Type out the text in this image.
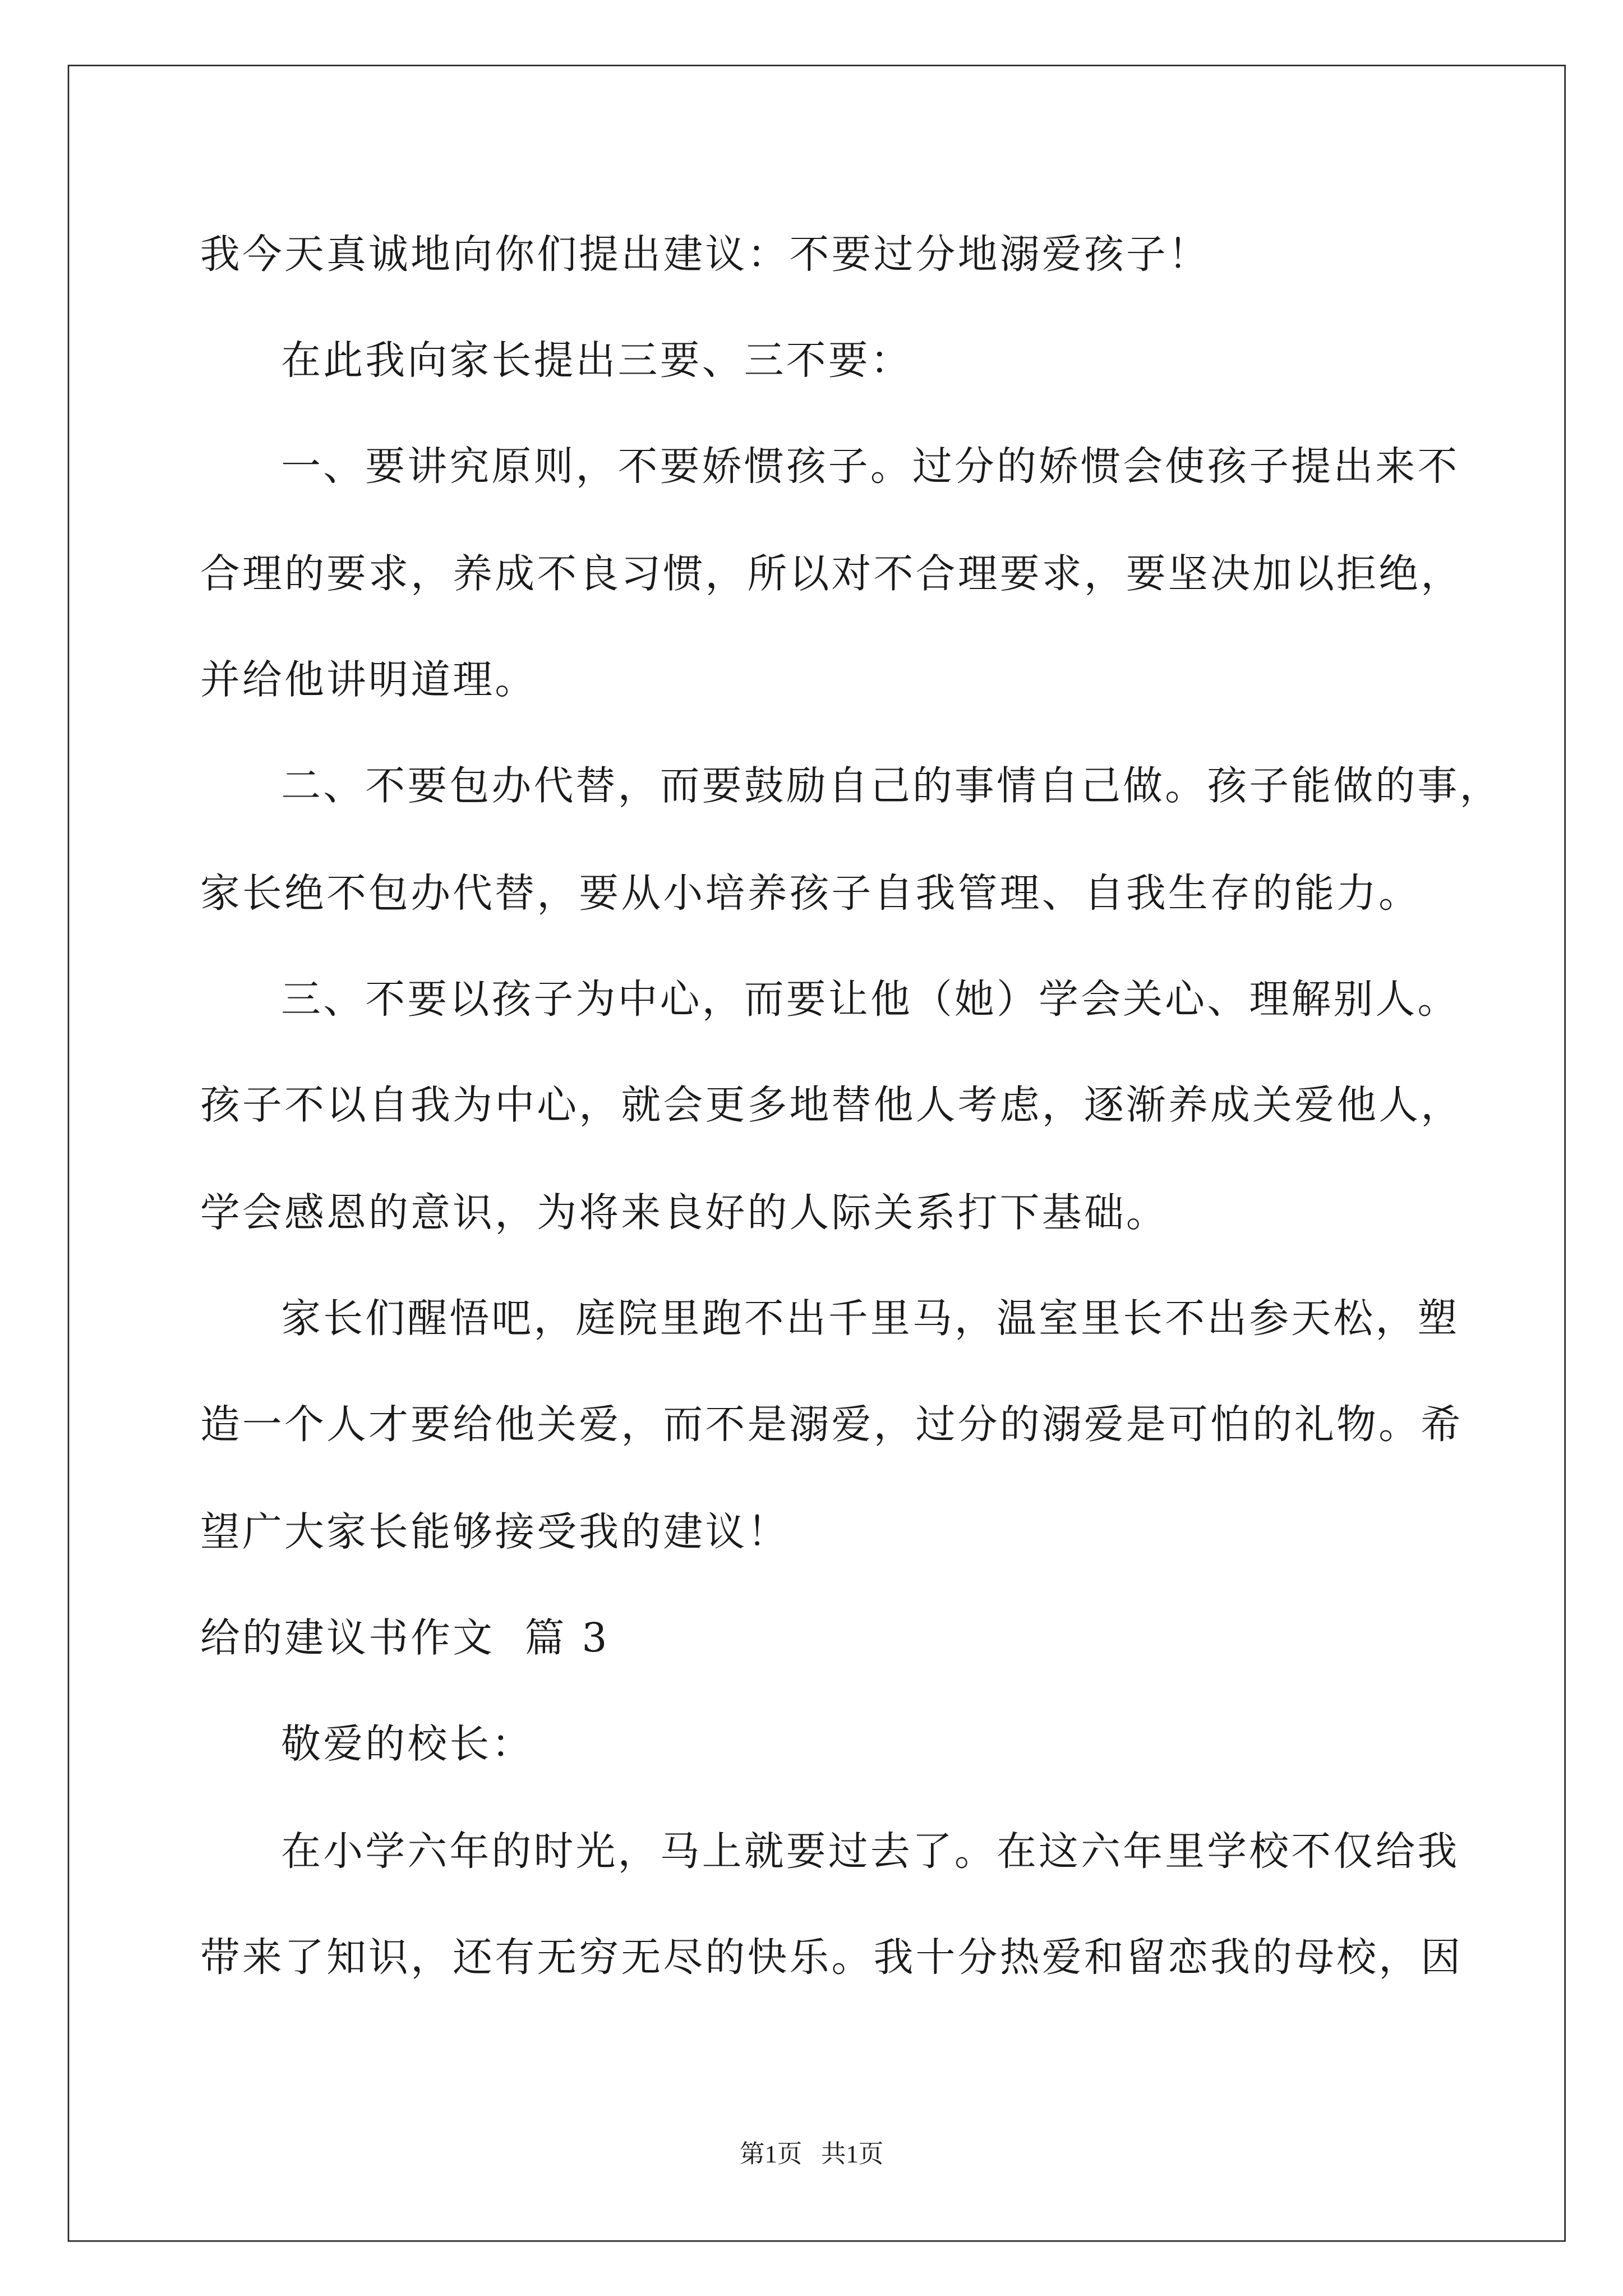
我今天真诚地向你们提出建议：不要过分地溺爱孩子！
在此我向家长提出三要、三不要：
一、要讲究原则，不要娇惯孩子。过分的娇惯会使孩子提出来不
合理的要求，养成不良习惯，所以对不合理要求，要坚决加以拒绝，
并给他讲明道理。
二、不要包办代替，而要鼓励自己的事情自己做。孩子能做的事，
家长绝不包办代替，要从小培养孩子自我管理、自我生存的能力。
三、不要以孩子为中心，而要让他（她）学会关心、理解别人。
孩子不以自我为中心，就会更多地替他人考虑，逐渐养成关爱他人，
学会感恩的意识，为将来良好的人际关系打下基础。
家长们醒悟吧，庭院里跑不出千里马，温室里长不出参天松，塑
造一个人才要给他关爱，而不是溺爱，过分的溺爱是可怕的礼物。希
望广大家长能够接受我的建议！
给的建议书作文  篇 3
敬爱的校长：
在小学六年的时光，马上就要过去了。在这六年里学校不仅给我
带来了知识，还有无穷无尽的快乐。我十分热爱和留恋我的母校，因
第1页   共1页
